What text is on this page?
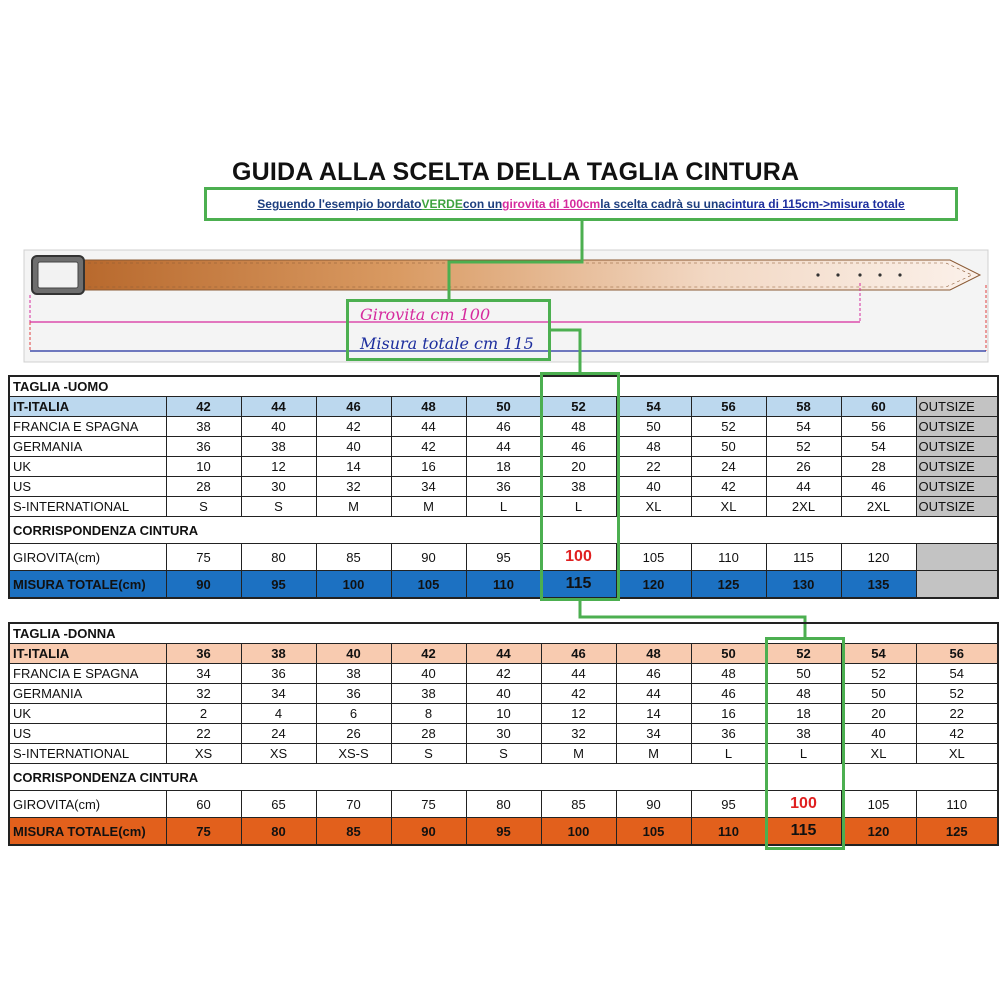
GUIDA ALLA SCELTA DELLA TAGLIA CINTURA
Seguendo l'esempio bordato VERDE con un girovita di 100cm la scelta cadrà su una cintura di 115cm->misura totale
Girovita cm 100
Misura totale cm 115
TAGLIA -UOMO											
IT-ITALIA	42	44	46	48	50	52	54	56	58	60	OUTSIZE
FRANCIA E SPAGNA	38	40	42	44	46	48	50	52	54	56	OUTSIZE
GERMANIA	36	38	40	42	44	46	48	50	52	54	OUTSIZE
UK	10	12	14	16	18	20	22	24	26	28	OUTSIZE
US	28	30	32	34	36	38	40	42	44	46	OUTSIZE
S-INTERNATIONAL	S	S	M	M	L	L	XL	XL	2XL	2XL	OUTSIZE
CORRISPONDENZA CINTURA											
GIROVITA(cm)	75	80	85	90	95	100	105	110	115	120	
MISURA TOTALE(cm)	90	95	100	105	110	115	120	125	130	135	
TAGLIA -DONNA											
IT-ITALIA	36	38	40	42	44	46	48	50	52	54	56
FRANCIA E SPAGNA	34	36	38	40	42	44	46	48	50	52	54
GERMANIA	32	34	36	38	40	42	44	46	48	50	52
UK	2	4	6	8	10	12	14	16	18	20	22
US	22	24	26	28	30	32	34	36	38	40	42
S-INTERNATIONAL	XS	XS	XS-S	S	S	M	M	L	L	XL	XL
CORRISPONDENZA CINTURA											
GIROVITA(cm)	60	65	70	75	80	85	90	95	100	105	110
MISURA TOTALE(cm)	75	80	85	90	95	100	105	110	115	120	125
